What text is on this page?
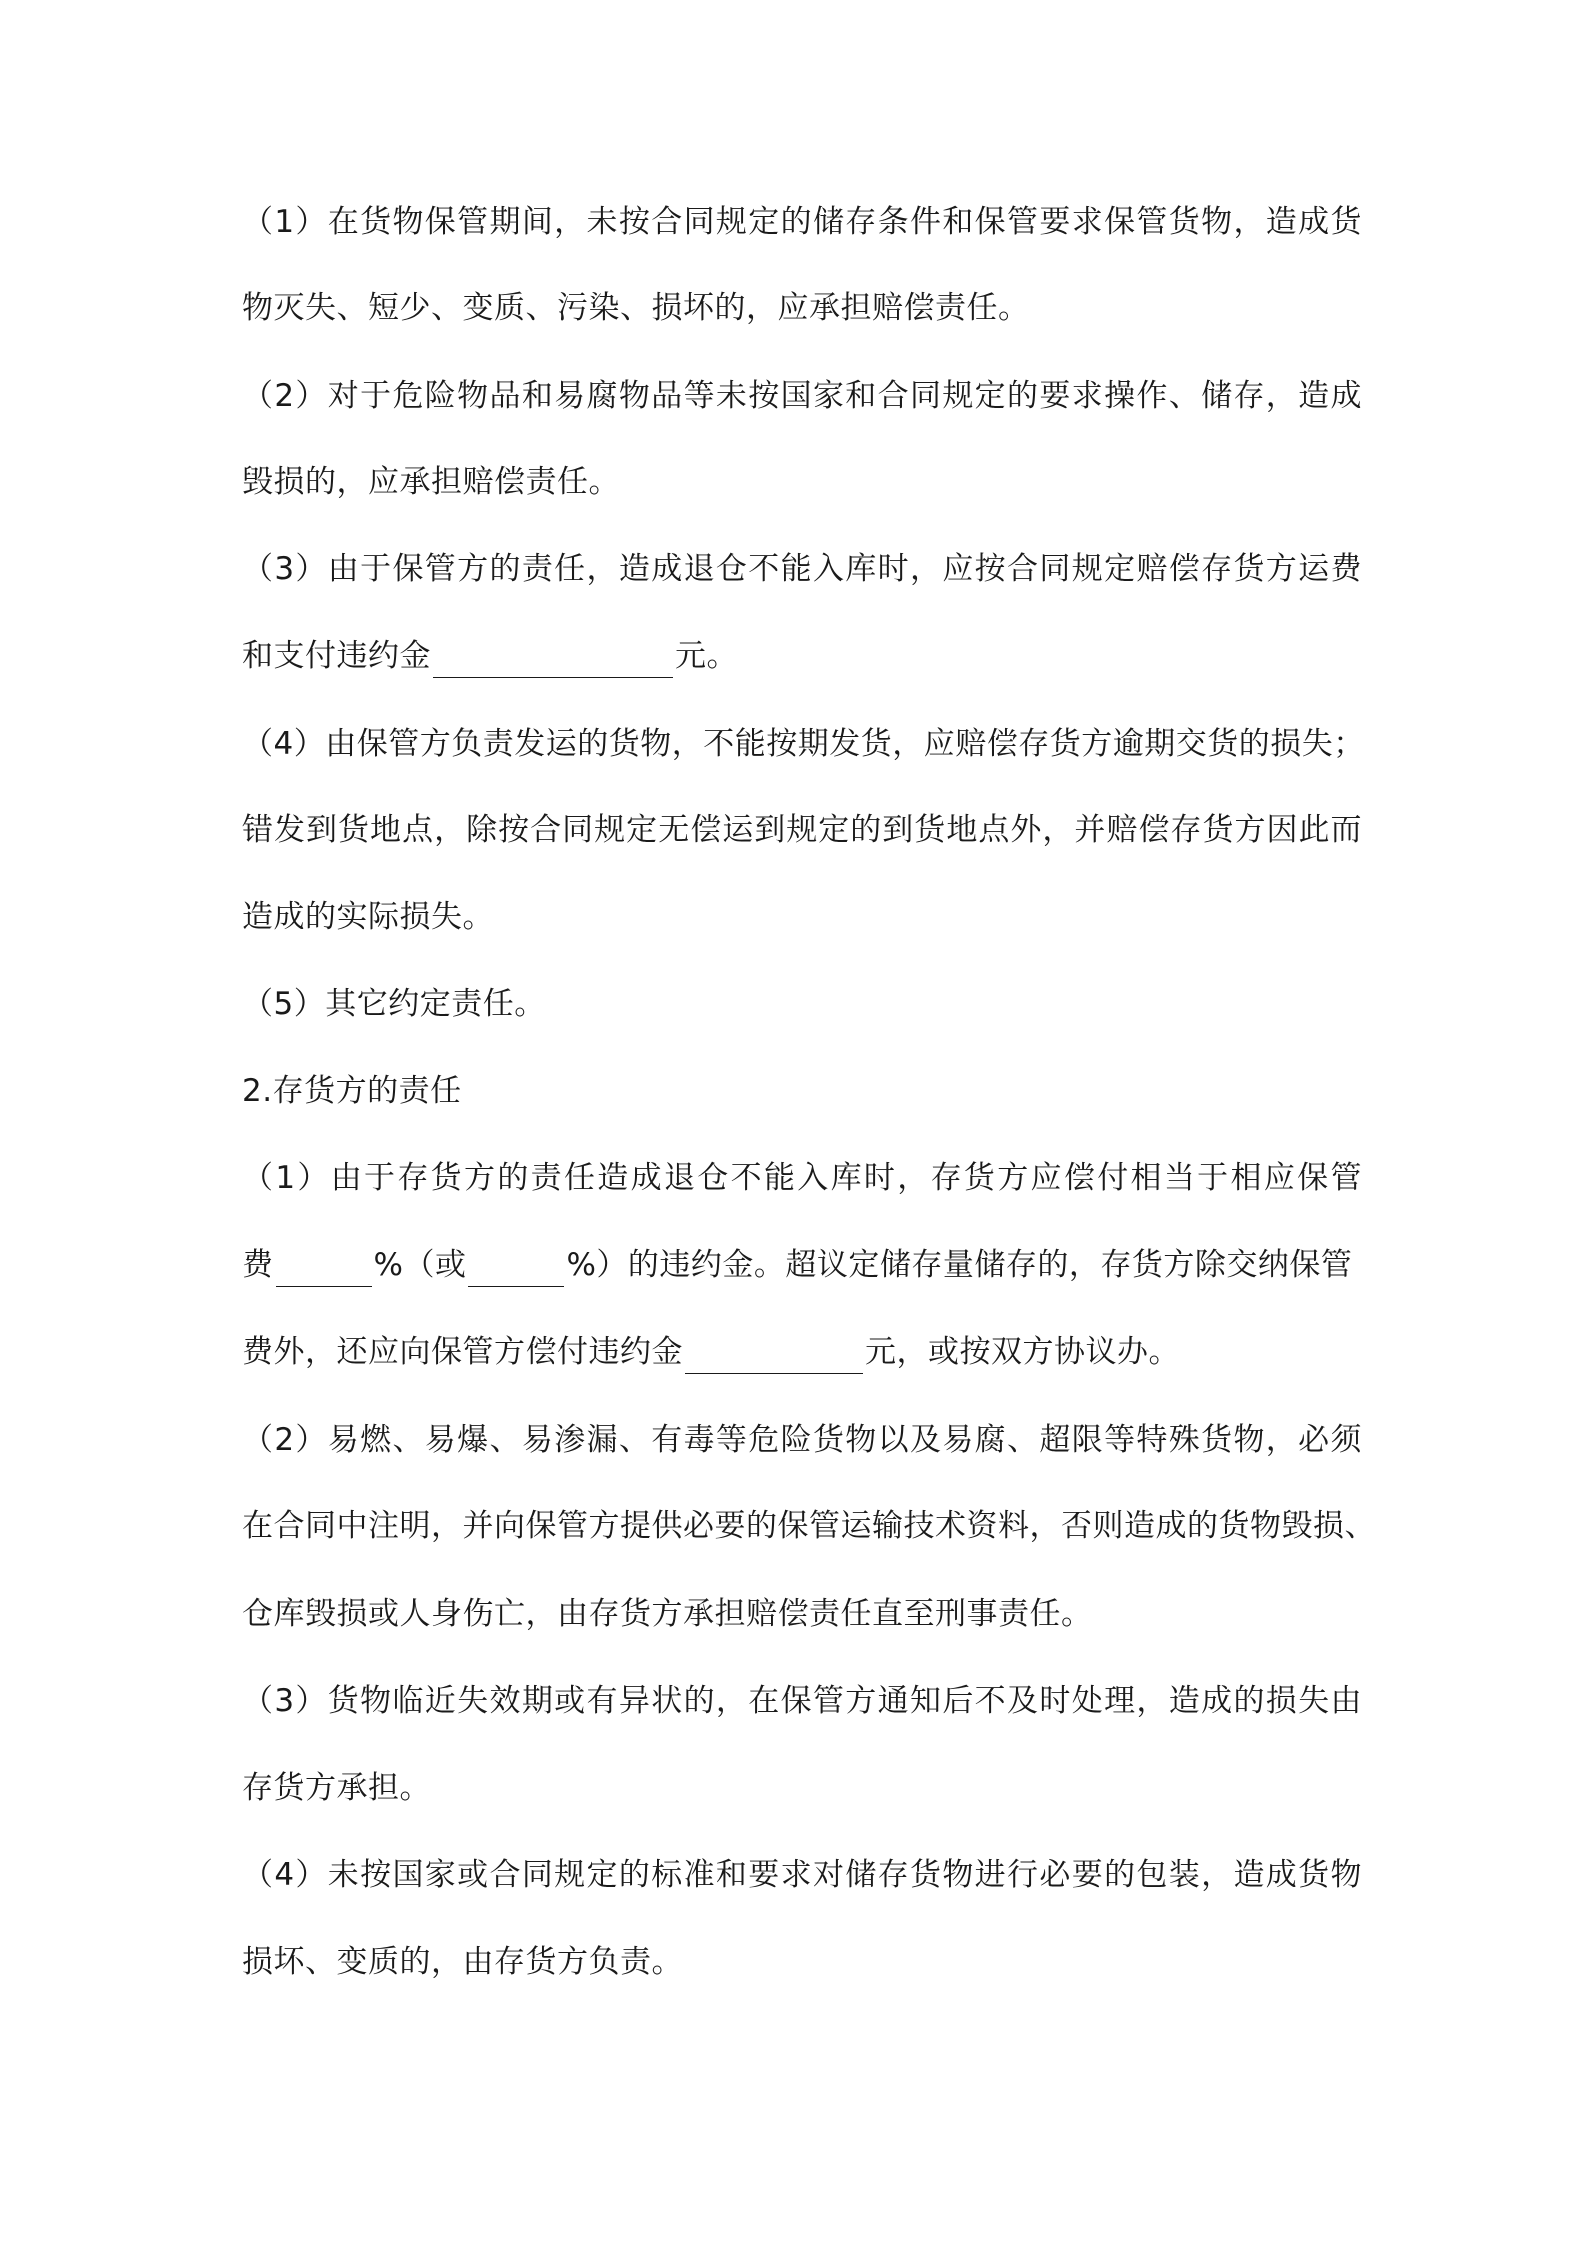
（1）在货物保管期间，未按合同规定的储存条件和保管要求保管货物，造成货
物灭失、短少、变质、污染、损坏的，应承担赔偿责任。
（2）对于危险物品和易腐物品等未按国家和合同规定的要求操作、储存，造成
毁损的，应承担赔偿责任。
（3）由于保管方的责任，造成退仓不能入库时，应按合同规定赔偿存货方运费
和支付违约金	元。
（4）由保管方负责发运的货物，不能按期发货，应赔偿存货方逾期交货的损失；
错发到货地点，除按合同规定无偿运到规定的到货地点外，并赔偿存货方因此而
造成的实际损失。
（5）其它约定责任。
2.存货方的责任
（1）由于存货方的责任造成退仓不能入库时，存货方应偿付相当于相应保管
费	%（或	%）的违约金。超议定储存量储存的，存货方除交纳保管
费外，还应向保管方偿付违约金	元，或按双方协议办。
（2）易燃、易爆、易渗漏、有毒等危险货物以及易腐、超限等特殊货物，必须
在合同中注明，并向保管方提供必要的保管运输技术资料，否则造成的货物毁损、
仓库毁损或人身伤亡，由存货方承担赔偿责任直至刑事责任。
（3）货物临近失效期或有异状的，在保管方通知后不及时处理，造成的损失由
存货方承担。
（4）未按国家或合同规定的标准和要求对储存货物进行必要的包装，造成货物
损坏、变质的，由存货方负责。
